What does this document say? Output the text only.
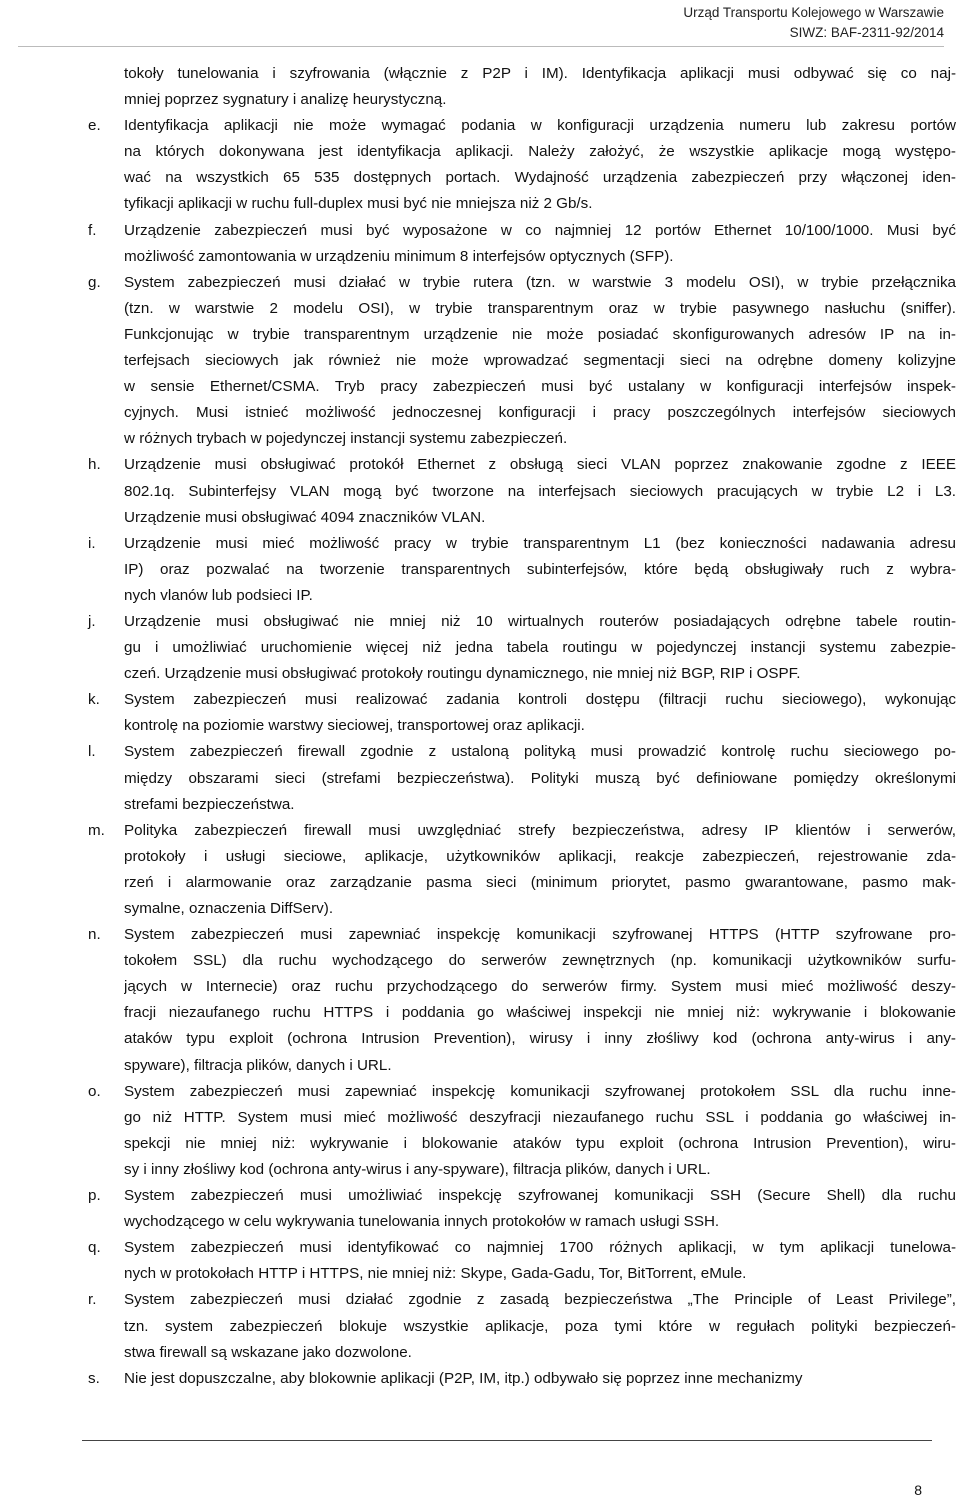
Urząd Transportu Kolejowego w Warszawie
SIWZ: BAF-2311-92/2014
tokoły tunelowania i szyfrowania (włącznie z P2P i IM). Identyfikacja aplikacji musi odbywać się co naj-
mniej poprzez sygnatury i analizę heurystyczną.
e.	Identyfikacja aplikacji nie może wymagać podania w konfiguracji urządzenia numeru lub zakresu portów
na których dokonywana jest identyfikacja aplikacji. Należy założyć, że wszystkie aplikacje mogą występo-
wać na wszystkich 65 535 dostępnych portach. Wydajność urządzenia zabezpieczeń przy włączonej iden-
tyfikacji aplikacji w ruchu full-duplex musi być nie mniejsza niż 2 Gb/s.
f.	Urządzenie zabezpieczeń musi być wyposażone w co najmniej 12 portów Ethernet 10/100/1000. Musi być
możliwość zamontowania w urządzeniu minimum 8 interfejsów optycznych (SFP).
g.	System zabezpieczeń musi działać w trybie rutera (tzn. w warstwie 3 modelu OSI), w trybie przełącznika
(tzn. w warstwie 2 modelu OSI), w trybie transparentnym oraz w trybie pasywnego nasłuchu (sniffer).
Funkcjonując w trybie transparentnym urządzenie nie może posiadać skonfigurowanych adresów IP na in-
terfejsach sieciowych jak również nie może wprowadzać segmentacji sieci na odrębne domeny kolizyjne
w sensie Ethernet/CSMA. Tryb pracy zabezpieczeń musi być ustalany w konfiguracji interfejsów inspek-
cyjnych. Musi istnieć możliwość jednoczesnej konfiguracji i pracy poszczególnych interfejsów sieciowych
w różnych trybach w pojedynczej instancji systemu zabezpieczeń.
h.	Urządzenie musi obsługiwać protokół Ethernet z obsługą sieci VLAN poprzez znakowanie zgodne z IEEE
802.1q. Subinterfejsy VLAN mogą być tworzone na interfejsach sieciowych pracujących w trybie L2 i L3.
Urządzenie musi obsługiwać 4094 znaczników VLAN.
i.	Urządzenie musi mieć możliwość pracy w trybie transparentnym L1 (bez konieczności nadawania adresu
IP) oraz pozwalać na tworzenie transparentnych subinterfejsów, które będą obsługiwały ruch z wybra-
nych vlanów lub podsieci IP.
j.	Urządzenie musi obsługiwać nie mniej niż 10 wirtualnych routerów posiadających odrębne tabele routin-
gu i umożliwiać uruchomienie więcej niż jedna tabela routingu w pojedynczej instancji systemu zabezpie-
czeń. Urządzenie musi obsługiwać protokoły routingu dynamicznego, nie mniej niż BGP, RIP i OSPF.
k.	System zabezpieczeń musi realizować zadania kontroli dostępu (filtracji ruchu sieciowego), wykonując
kontrolę na poziomie warstwy sieciowej, transportowej oraz aplikacji.
l.	System zabezpieczeń firewall zgodnie z ustaloną polityką musi prowadzić kontrolę ruchu sieciowego po-
między obszarami sieci (strefami bezpieczeństwa). Polityki muszą być definiowane pomiędzy określonymi
strefami bezpieczeństwa.
m.	Polityka zabezpieczeń firewall musi uwzględniać strefy bezpieczeństwa, adresy IP klientów i serwerów,
protokoły i usługi sieciowe, aplikacje, użytkowników aplikacji, reakcje zabezpieczeń, rejestrowanie zda-
rzeń i alarmowanie oraz zarządzanie pasma sieci (minimum priorytet, pasmo gwarantowane, pasmo mak-
symalne, oznaczenia DiffServ).
n.	System zabezpieczeń musi zapewniać inspekcję komunikacji szyfrowanej HTTPS (HTTP szyfrowane pro-
tokołem SSL) dla ruchu wychodzącego do serwerów zewnętrznych (np. komunikacji użytkowników surfu-
jących w Internecie) oraz ruchu przychodzącego do serwerów firmy. System musi mieć możliwość deszy-
fracji niezaufanego ruchu HTTPS i poddania go właściwej inspekcji nie mniej niż: wykrywanie i blokowanie
ataków typu exploit (ochrona Intrusion Prevention), wirusy i inny złośliwy kod (ochrona anty-wirus i any-
spyware), filtracja plików, danych i URL.
o.	System zabezpieczeń musi zapewniać inspekcję komunikacji szyfrowanej protokołem SSL dla ruchu inne-
go niż HTTP. System musi mieć możliwość deszyfracji niezaufanego ruchu SSL i poddania go właściwej in-
spekcji nie mniej niż: wykrywanie i blokowanie ataków typu exploit (ochrona Intrusion Prevention), wiru-
sy i inny złośliwy kod (ochrona anty-wirus i any-spyware), filtracja plików, danych i URL.
p.	System zabezpieczeń musi umożliwiać inspekcję szyfrowanej komunikacji SSH (Secure Shell) dla ruchu
wychodzącego w celu wykrywania tunelowania innych protokołów w ramach usługi SSH.
q.	System zabezpieczeń musi identyfikować co najmniej 1700 różnych aplikacji, w tym aplikacji tunelowa-
nych w protokołach HTTP i HTTPS, nie mniej niż: Skype, Gada-Gadu, Tor, BitTorrent, eMule.
r.	System zabezpieczeń musi działać zgodnie z zasadą bezpieczeństwa „The Principle of Least Privilege”,
tzn. system zabezpieczeń blokuje wszystkie aplikacje, poza tymi które w regułach polityki bezpieczeń-
stwa firewall są wskazane jako dozwolone.
s.	Nie jest dopuszczalne, aby blokownie aplikacji (P2P, IM, itp.) odbywało się poprzez inne mechanizmy
8
